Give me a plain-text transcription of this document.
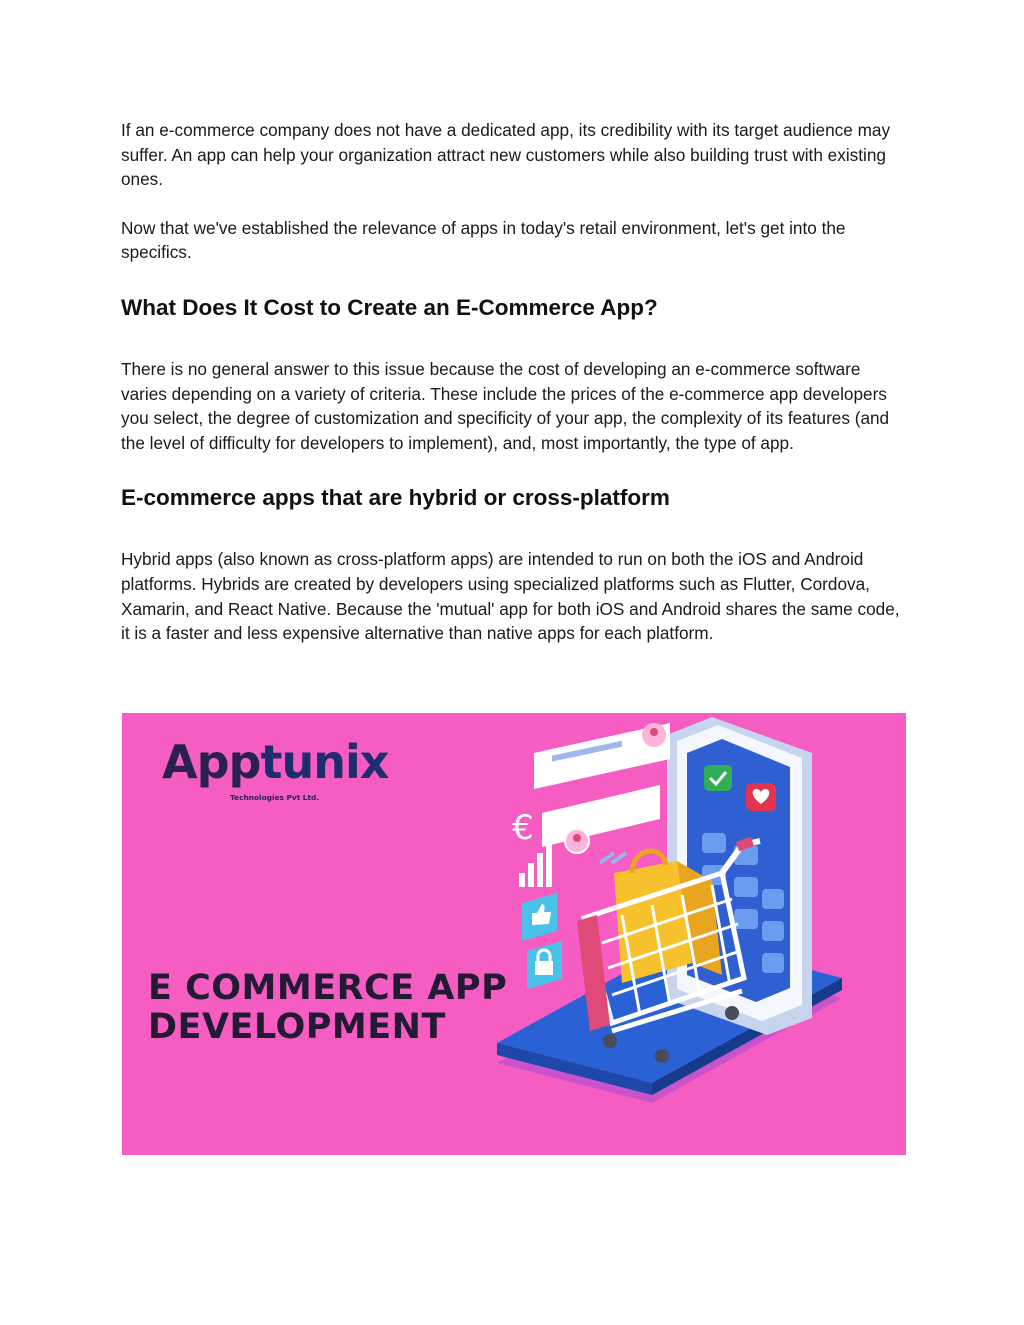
If an e-commerce company does not have a dedicated app, its credibility with its target audience may suffer. An app can help your organization attract new customers while also building trust with existing ones.

Now that we've established the relevance of apps in today's retail environment, let's get into the specifics.

What Does It Cost to Create an E-Commerce App?

There is no general answer to this issue because the cost of developing an e-commerce software varies depending on a variety of criteria. These include the prices of the e-commerce app developers you select, the degree of customization and specificity of your app, the complexity of its features (and the level of difficulty for developers to implement), and, most importantly, the type of app.

E-commerce apps that are hybrid or cross-platform

Hybrid apps (also known as cross-platform apps) are intended to run on both the iOS and Android platforms. Hybrids are created by developers using specialized platforms such as Flutter, Cordova, Xamarin, and React Native. Because the 'mutual' app for both iOS and Android shares the same code, it is a faster and less expensive alternative than native apps for each platform.

€
Apptunix
Technologies Pvt Ltd.
E COMMERCE APP
DEVELOPMENT
